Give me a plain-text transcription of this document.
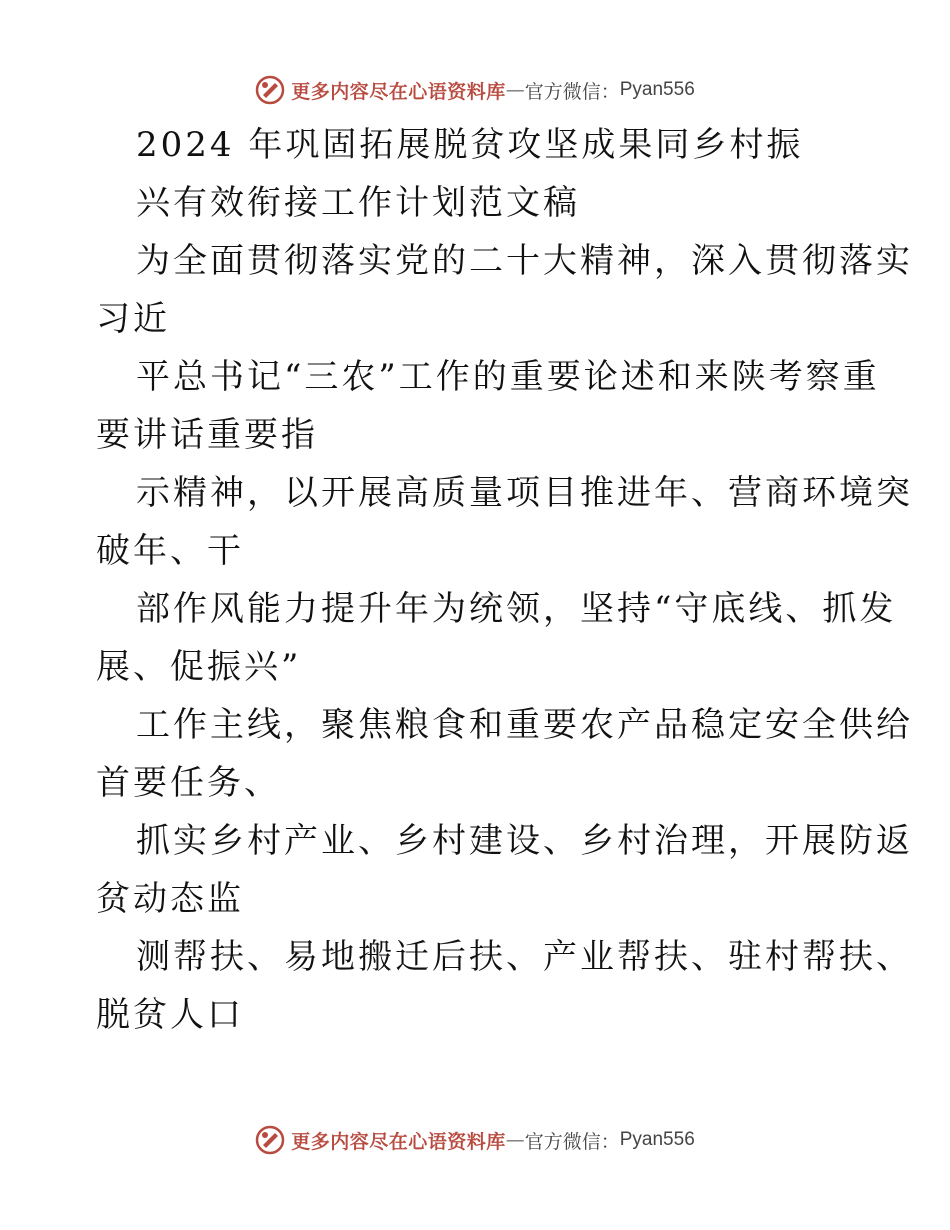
更多内容尽在心语资料库 — 官方微信： Pyan556
2024 年巩固拓展脱贫攻坚成果同乡村振
兴有效衔接工作计划范文稿
为全面贯彻落实党的二十大精神，深入贯彻落实
习近
平总书记“三农”工作的重要论述和来陕考察重
要讲话重要指
示精神，以开展高质量项目推进年、营商环境突
破年、干
部作风能力提升年为统领，坚持“守底线、抓发
展、促振兴”
工作主线，聚焦粮食和重要农产品稳定安全供给
首要任务、
抓实乡村产业、乡村建设、乡村治理，开展防返
贫动态监
测帮扶、易地搬迁后扶、产业帮扶、驻村帮扶、
脱贫人口
更多内容尽在心语资料库 — 官方微信： Pyan556
